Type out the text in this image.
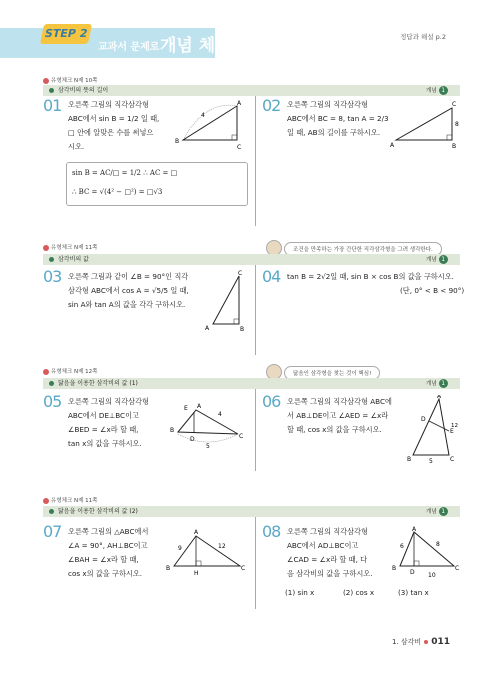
STEP 2
교과서 문제로 개념 체크	정답과 해설 p.2
유형체크 N제 10쪽
삼각비의 뜻의 길이	개념 1
01 오른쪽 그림의 직각삼각형
ABC에서 sin B = 1/2 일 때,
□ 안에 알맞은 수를 써넣으
시오.
A
B
C
4
sin B = AC/□ = 1/2 ∴ AC = □
∴ BC = √(4² − □²) = □√3
02 오른쪽 그림의 직각삼각형
ABC에서 BC = 8, tan A = 2/3
일 때, AB의 길이를 구하시오.
C
A	B
8
유형체크 N제 11쪽	조건을 만족하는 가장 간단한 직각삼각형을 그려 생각한다.
삼각비의 값	개념 1
03 오른쪽 그림과 같이 ∠B = 90°인 직각
삼각형 ABC에서 cos A = √5/5 일 때,
sin A와 tan A의 값을 각각 구하시오.
C
A	B
04 tan B = 2√2일 때, sin B × cos B의 값을 구하시오.
(단, 0° < B < 90°)
유형체크 N제 12쪽	닮음인 삼각형을 찾는 것이 핵심!
닮음을 이용한 삼각비의 값 (1)	개념 1
05 오른쪽 그림의 직각삼각형
ABC에서 DE⊥BC이고
∠BED = ∠x라 할 때,
tan x의 값을 구하시오.
E A
B
D	C
4
5
06 오른쪽 그림의 직각삼각형 ABC에
서 AB⊥DE이고 ∠AED = ∠x라
할 때, cos x의 값을 구하시오.
A
D
E
12
B	C
5
유형체크 N제 11쪽
닮음을 이용한 삼각비의 값 (2)	개념 1
07 오른쪽 그림의 △ABC에서
∠A = 90°, AH⊥BC이고
∠BAH = ∠x라 할 때,
cos x의 값을 구하시오.
A
B
H
C
9	12
08 오른쪽 그림의 직각삼각형
ABC에서 AD⊥BC이고
∠CAD = ∠x라 할 때, 다
음 삼각비의 값을 구하시오.
A
B
D
C
6	8
10
(1) sin x	(2) cos x	(3) tan x
1. 삼각비 011
